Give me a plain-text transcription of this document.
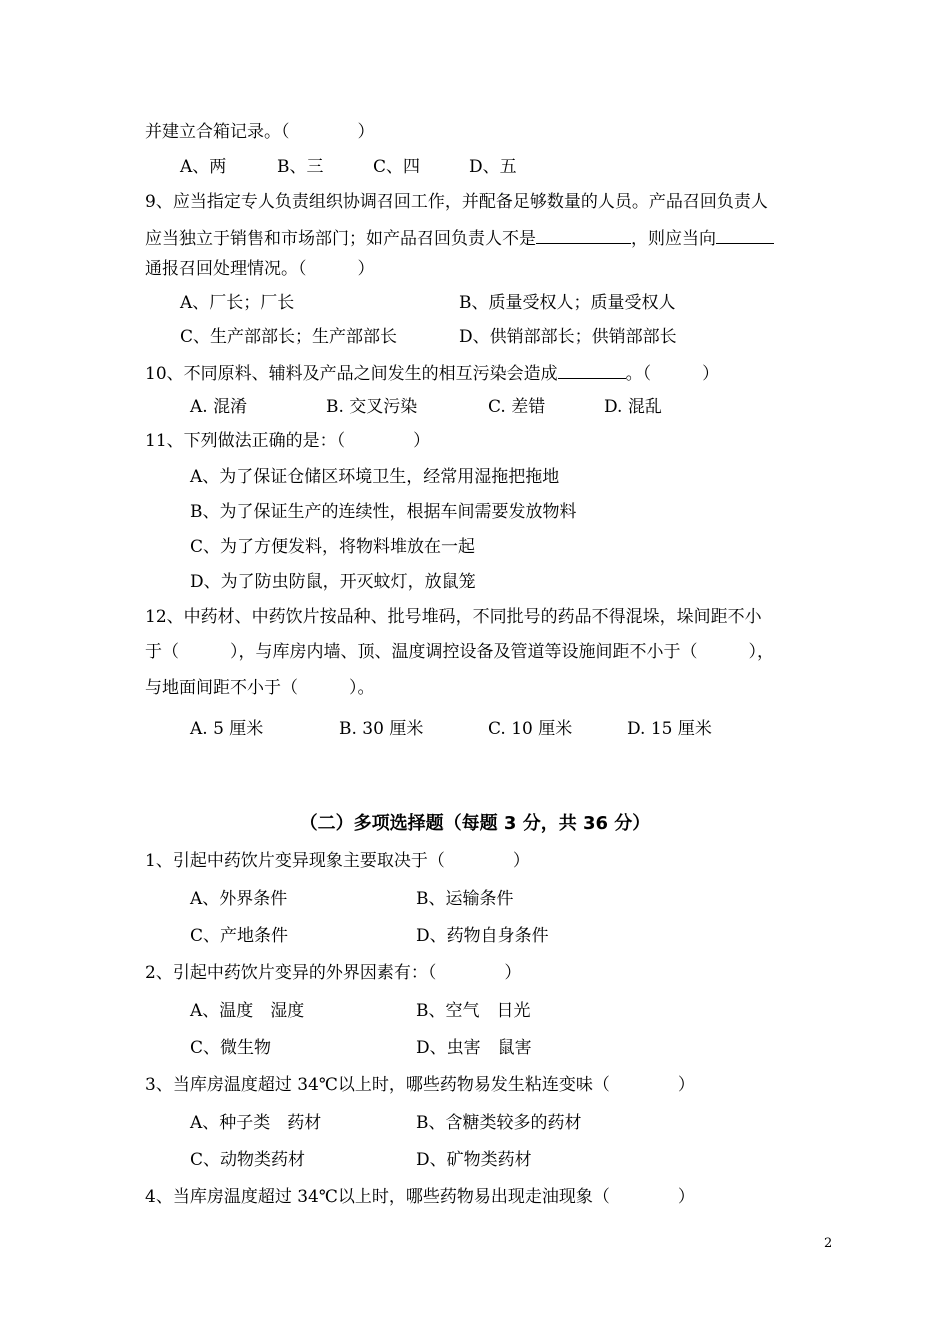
并建立合箱记录。（　　　　）
A、两	B、三	C、四	D、五
9、应当指定专人负责组织协调召回工作，并配备足够数量的人员。产品召回负责人
应当独立于销售和市场部门；如产品召回负责人不是	，则应当向
通报召回处理情况。（　　　）
A、厂长；厂长	B、质量受权人；质量受权人
C、生产部部长；生产部部长	D、供销部部长；供销部部长
10、不同原料、辅料及产品之间发生的相互污染会造成	。（　　　）
A. 混淆	B. 交叉污染	C. 差错	D. 混乱
11、下列做法正确的是：（　　　　）
A、为了保证仓储区环境卫生，经常用湿拖把拖地
B、为了保证生产的连续性，根据车间需要发放物料
C、为了方便发料，将物料堆放在一起
D、为了防虫防鼠，开灭蚊灯，放鼠笼
12、中药材、中药饮片按品种、批号堆码，不同批号的药品不得混垛，垛间距不小
于（　　　），与库房内墙、顶、温度调控设备及管道等设施间距不小于（　　　），
与地面间距不小于（　　　）。
A. 5 厘米	B. 30 厘米	C. 10 厘米	D. 15 厘米
（二）多项选择题（每题 3 分，共 36 分）
1、引起中药饮片变异现象主要取决于（　　　　）
A、外界条件	B、运输条件
C、产地条件	D、药物自身条件
2、引起中药饮片变异的外界因素有：（　　　　）
A、温度　湿度	B、空气　日光
C、微生物	D、虫害　鼠害
3、当库房温度超过 34℃以上时，哪些药物易发生粘连变味（　　　　）
A、种子类　药材	B、含糖类较多的药材
C、动物类药材	D、矿物类药材
4、当库房温度超过 34℃以上时，哪些药物易出现走油现象（　　　　）
2
